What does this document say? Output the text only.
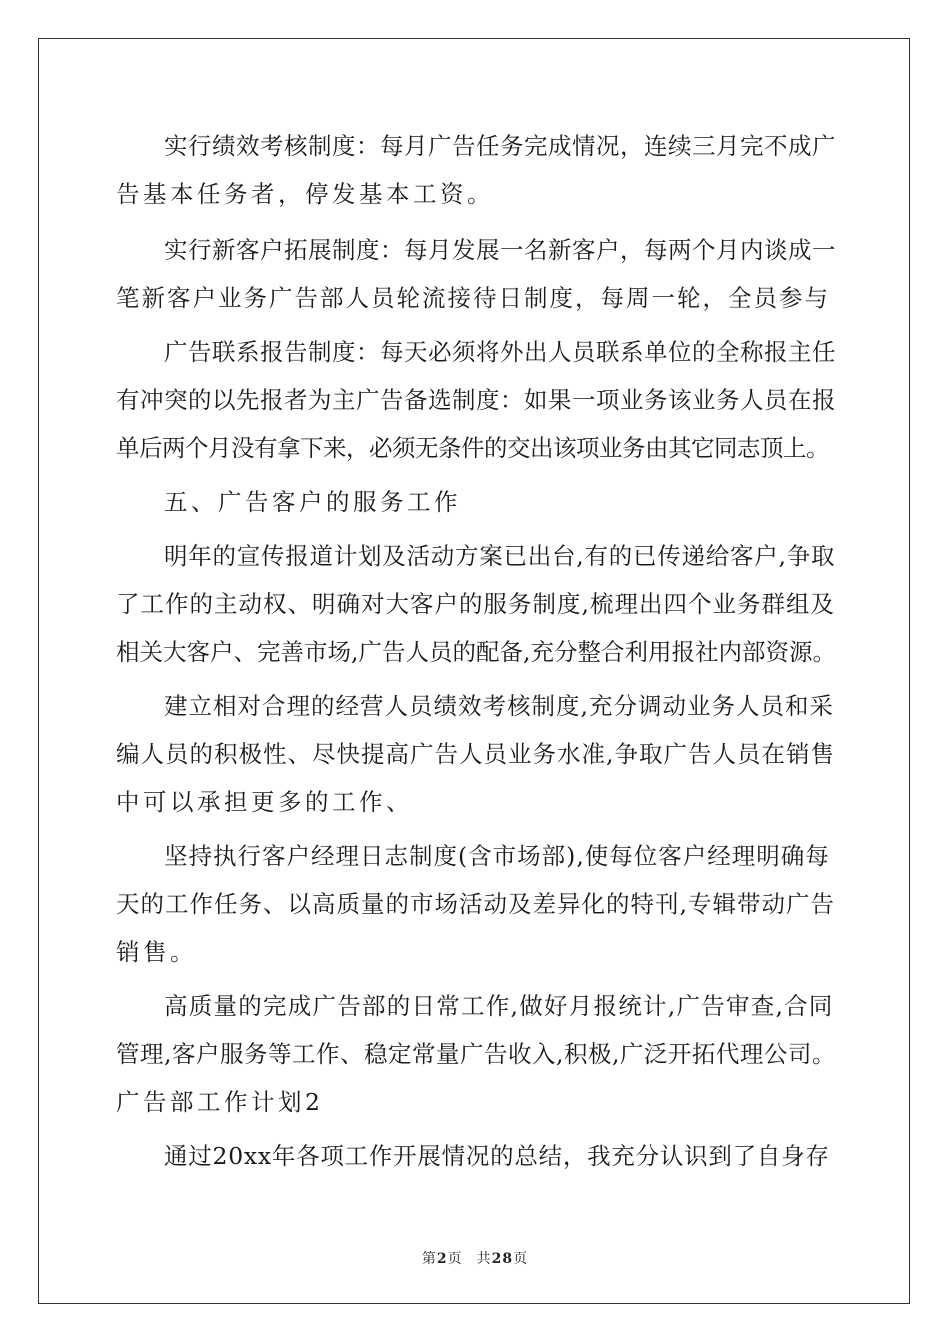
实行绩效考核制度：每月广告任务完成情况，连续三月完不成广
告基本任务者，停发基本工资。
实行新客户拓展制度：每月发展一名新客户，每两个月内谈成一
笔新客户业务广告部人员轮流接待日制度，每周一轮，全员参与
广告联系报告制度：每天必须将外出人员联系单位的全称报主任
有冲突的以先报者为主广告备选制度：如果一项业务该业务人员在报
单后两个月没有拿下来，必须无条件的交出该项业务由其它同志顶上。
五、广告客户的服务工作
明年的宣传报道计划及活动方案已出台,有的已传递给客户,争取
了工作的主动权、明确对大客户的服务制度,梳理出四个业务群组及
相关大客户、完善市场,广告人员的配备,充分整合利用报社内部资源。
建立相对合理的经营人员绩效考核制度,充分调动业务人员和采
编人员的积极性、尽快提高广告人员业务水准,争取广告人员在销售
中可以承担更多的工作、
坚持执行客户经理日志制度(含市场部),使每位客户经理明确每
天的工作任务、以高质量的市场活动及差异化的特刊,专辑带动广告
销售。
高质量的完成广告部的日常工作,做好月报统计,广告审查,合同
管理,客户服务等工作、稳定常量广告收入,积极,广泛开拓代理公司。
广告部工作计划2
通过20xx年各项工作开展情况的总结，我充分认识到了自身存
第2页 共28页
